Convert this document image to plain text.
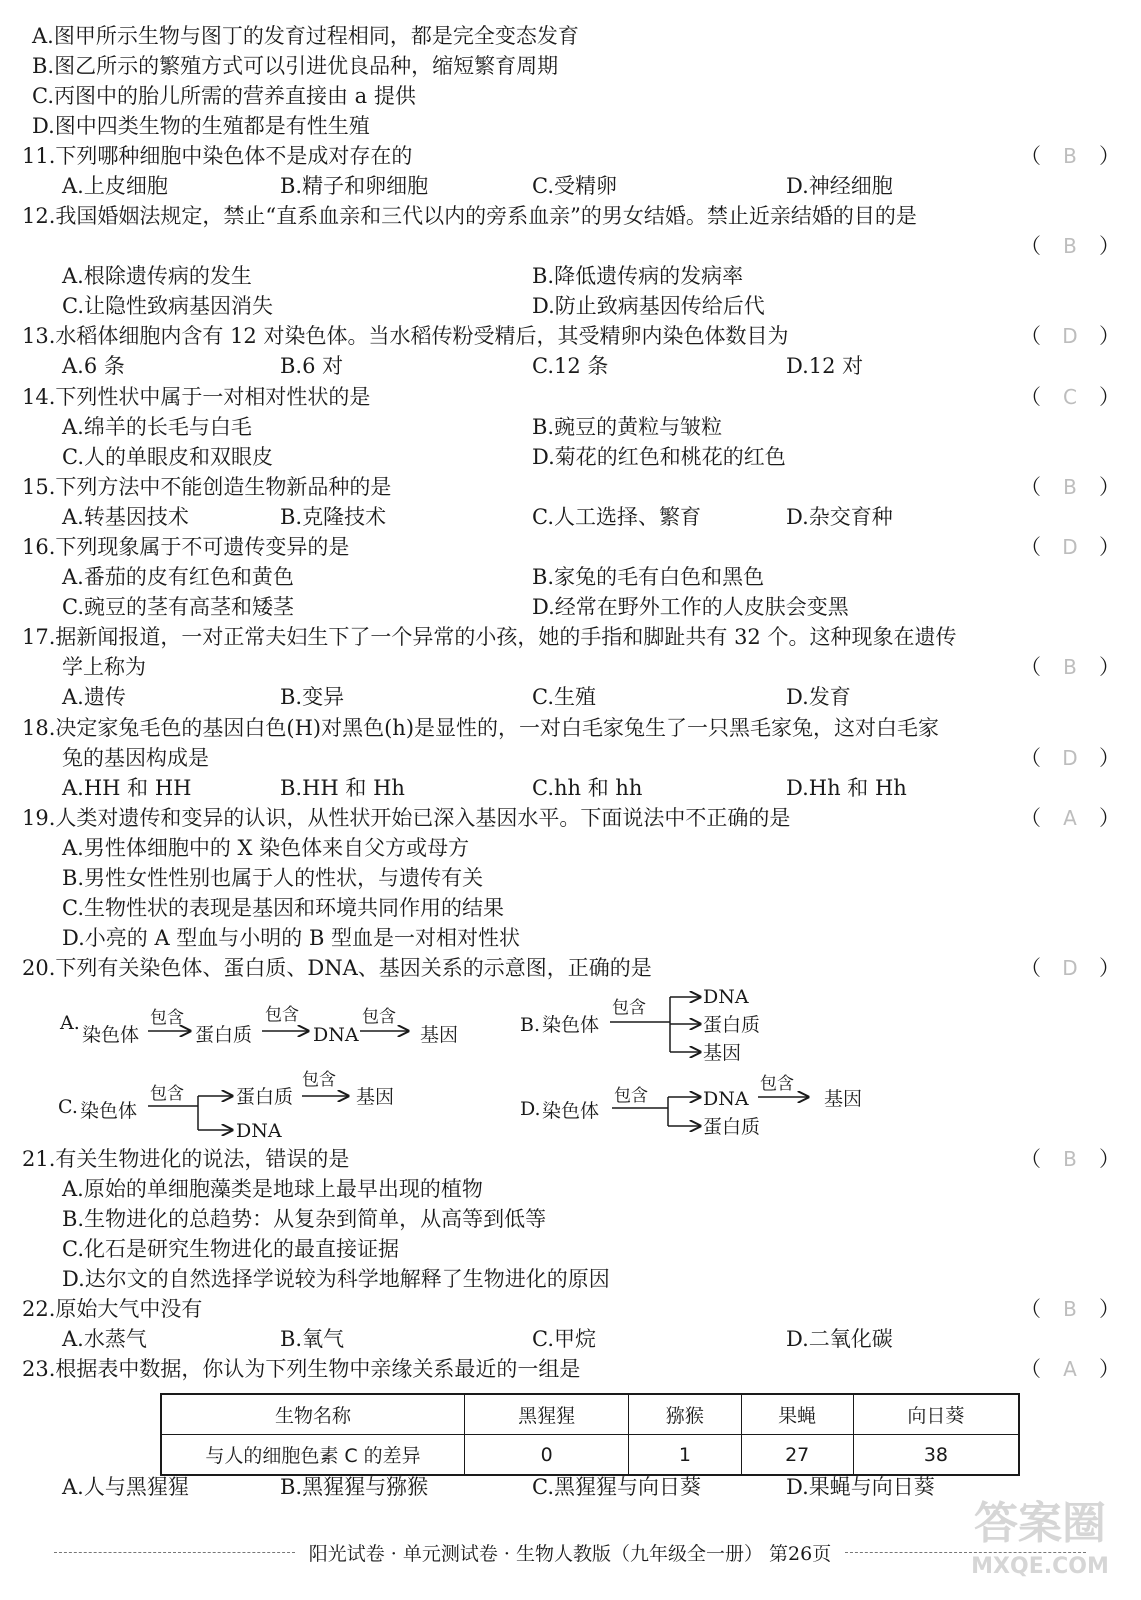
A.图甲所示生物与图丁的发育过程相同，都是完全变态发育
B.图乙所示的繁殖方式可以引进优良品种，缩短繁育周期
C.丙图中的胎儿所需的营养直接由 a 提供
D.图中四类生物的生殖都是有性生殖
11.下列哪种细胞中染色体不是成对存在的	（ B ）
A.上皮细胞	B.精子和卵细胞	C.受精卵	D.神经细胞
12.我国婚姻法规定，禁止“直系血亲和三代以内的旁系血亲”的男女结婚。禁止近亲结婚的目的是
（ B ）
A.根除遗传病的发生	B.降低遗传病的发病率
C.让隐性致病基因消失	D.防止致病基因传给后代
13.水稻体细胞内含有 12 对染色体。当水稻传粉受精后，其受精卵内染色体数目为	（ D ）
A.6 条	B.6 对	C.12 条	D.12 对
14.下列性状中属于一对相对性状的是	（ C ）
A.绵羊的长毛与白毛	B.豌豆的黄粒与皱粒
C.人的单眼皮和双眼皮	D.菊花的红色和桃花的红色
15.下列方法中不能创造生物新品种的是	（ B ）
A.转基因技术	B.克隆技术	C.人工选择、繁育	D.杂交育种
16.下列现象属于不可遗传变异的是	（ D ）
A.番茄的皮有红色和黄色	B.家兔的毛有白色和黑色
C.豌豆的茎有高茎和矮茎	D.经常在野外工作的人皮肤会变黑
17.据新闻报道，一对正常夫妇生下了一个异常的小孩，她的手指和脚趾共有 32 个。这种现象在遗传
学上称为	（ B ）
A.遗传	B.变异	C.生殖	D.发育
18.决定家兔毛色的基因白色(H)对黑色(h)是显性的，一对白毛家兔生了一只黑毛家兔，这对白毛家
兔的基因构成是	（ D ）
A.HH 和 HH	B.HH 和 Hh	C.hh 和 hh	D.Hh 和 Hh
19.人类对遗传和变异的认识，从性状开始已深入基因水平。下面说法中不正确的是	（ A ）
A.男性体细胞中的 X 染色体来自父方或母方
B.男性女性性别也属于人的性状，与遗传有关
C.生物性状的表现是基因和环境共同作用的结果
D.小亮的 A 型血与小明的 B 型血是一对相对性状
20.下列有关染色体、蛋白质、DNA、基因关系的示意图，正确的是	（ D ）
A.
染色体
包含
蛋白质
包含
DNA
包含
基因	B. 染色体
包含	DNA
蛋白质
基因
C. 染色体
包含	蛋白质
包含
基因
DNA
D. 染色体
包含	DNA
包含
基因
蛋白质
21.有关生物进化的说法，错误的是	（ B ）
A.原始的单细胞藻类是地球上最早出现的植物
B.生物进化的总趋势：从复杂到简单，从高等到低等
C.化石是研究生物进化的最直接证据
D.达尔文的自然选择学说较为科学地解释了生物进化的原因
22.原始大气中没有	（ B ）
A.水蒸气	B.氧气	C.甲烷	D.二氧化碳
23.根据表中数据，你认为下列生物中亲缘关系最近的一组是	（ A ）
生物名称	黑猩猩	猕猴	果蝇	向日葵
与人的细胞色素 C 的差异	0	1	27	38
A.人与黑猩猩	B.黑猩猩与猕猴	C.黑猩猩与向日葵	D.果蝇与向日葵
阳光试卷 · 单元测试卷 · 生物人教版（九年级全一册） 第26页
答案圈
MXQE.COM
